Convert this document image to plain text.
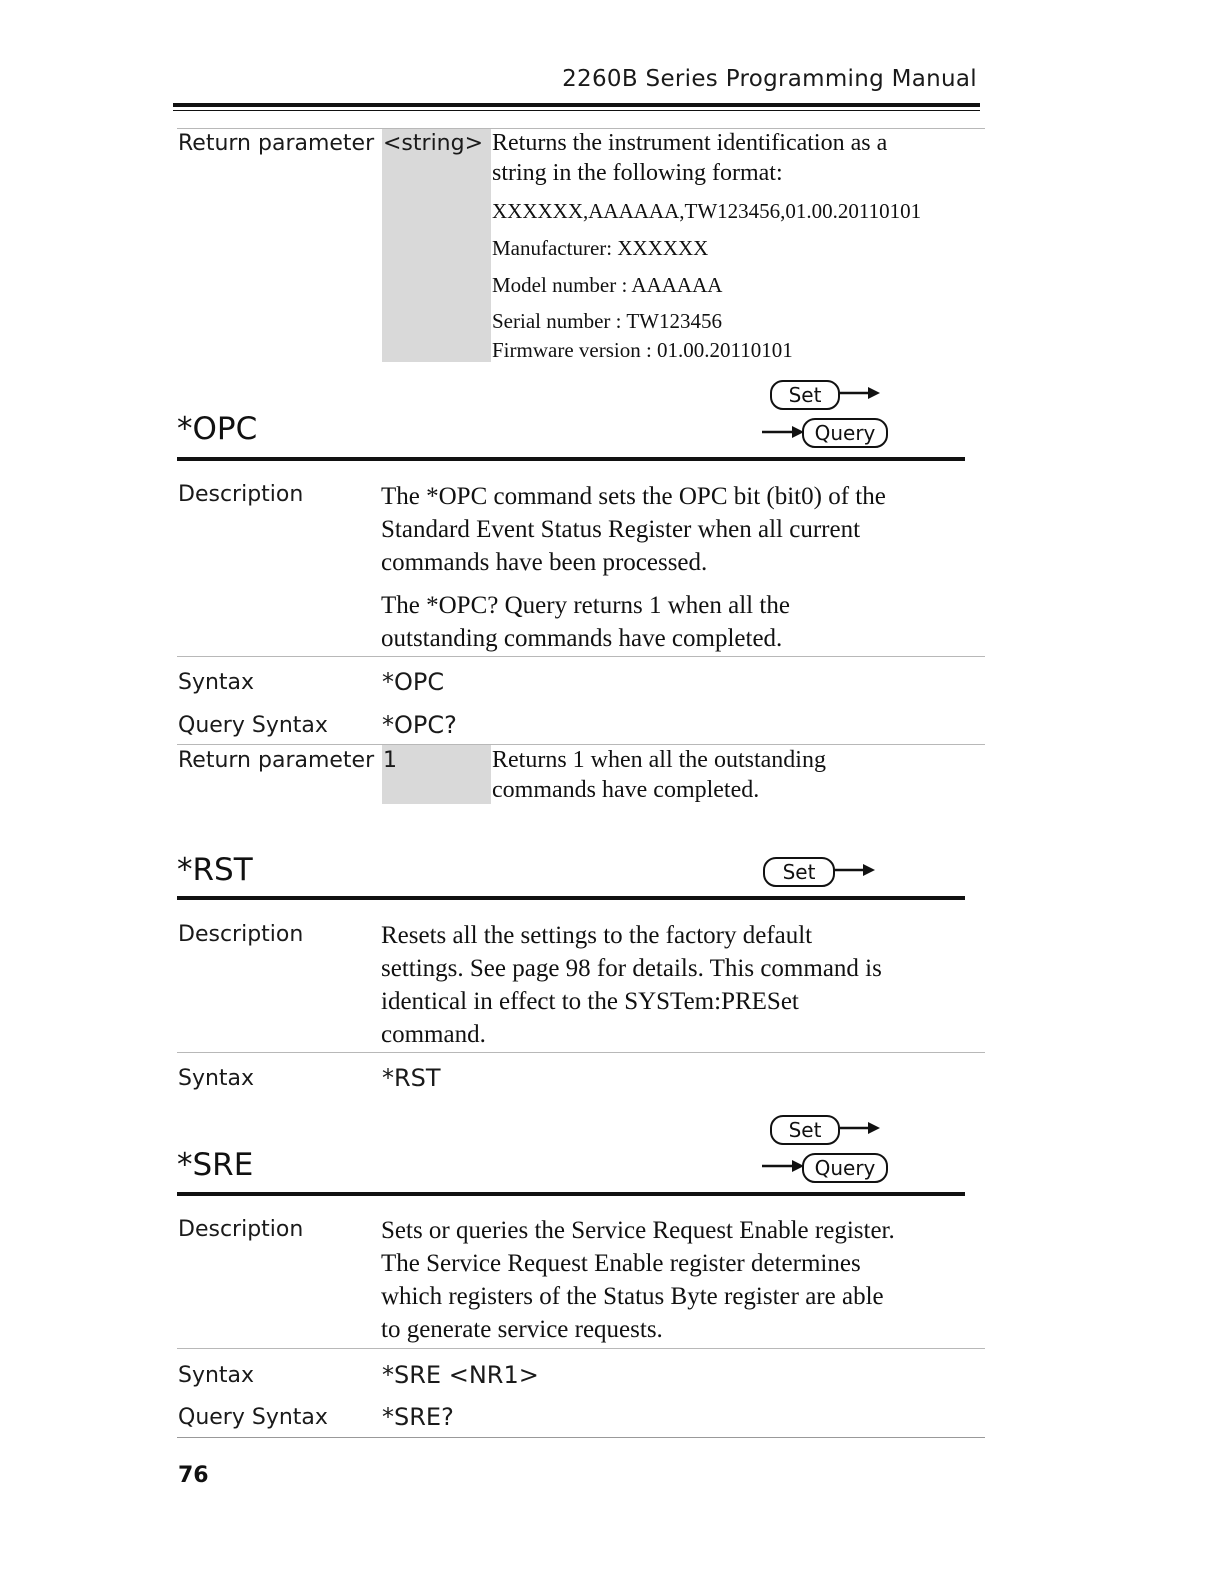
2260B Series Programming Manual
Return parameter <string> Returns the instrument identification as a
string in the following format:
XXXXXX,AAAAAA,TW123456,01.00.20110101
Manufacturer: XXXXXX
Model number : AAAAAA
Serial number : TW123456
Firmware version : 01.00.20110101
Set
Query
*OPC
Description	The *OPC command sets the OPC bit (bit0) of the
Standard Event Status Register when all current
commands have been processed.
The *OPC? Query returns 1 when all the
outstanding commands have completed.
Syntax	*OPC
Query Syntax *OPC?
Return parameter 1	Returns 1 when all the outstanding
commands have completed.
*RST	Set
Description	Resets all the settings to the factory default
settings. See page 98 for details. This command is
identical in effect to the SYSTem:PRESet
command.
Syntax	*RST
Set
Query
*SRE
Description	Sets or queries the Service Request Enable register.
The Service Request Enable register determines
which registers of the Status Byte register are able
to generate service requests.
Syntax	*SRE <NR1>
Query Syntax *SRE?
76
